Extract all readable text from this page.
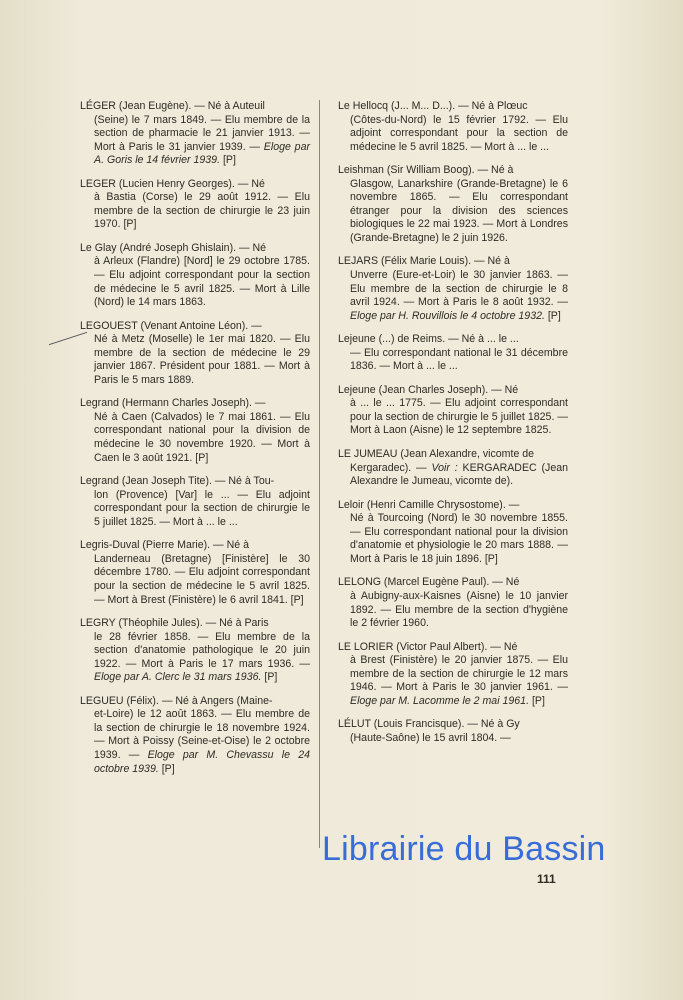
LÉGER (Jean Eugène). — Né à Auteuil
(Seine) le 7 mars 1849. — Elu membre de la section de pharmacie le 21 janvier 1913. — Mort à Paris le 31 janvier 1939. — Eloge par A. Goris le 14 février 1939. [P]

LEGER (Lucien Henry Georges). — Né
à Bastia (Corse) le 29 août 1912. — Elu membre de la section de chirurgie le 23 juin 1970. [P]

Le Glay (André Joseph Ghislain). — Né
à Arleux (Flandre) [Nord] le 29 octobre 1785. — Elu adjoint correspondant pour la section de médecine le 5 avril 1825. — Mort à Lille (Nord) le 14 mars 1863.

LEGOUEST (Venant Antoine Léon). —
Né à Metz (Moselle) le 1er mai 1820. — Elu membre de la section de médecine le 29 janvier 1867. Président pour 1881. — Mort à Paris le 5 mars 1889.

Legrand (Hermann Charles Joseph). —
Né à Caen (Calvados) le 7 mai 1861. — Elu correspondant national pour la division de médecine le 30 novembre 1920. — Mort à Caen le 3 août 1921. [P]

Legrand (Jean Joseph Tite). — Né à Tou-
lon (Provence) [Var] le ... — Elu adjoint correspondant pour la section de chirurgie le 5 juillet 1825. — Mort à ... le ...

Legris-Duval (Pierre Marie). — Né à
Landerneau (Bretagne) [Finistère] le 30 décembre 1780. — Elu adjoint correspondant pour la section de médecine le 5 avril 1825. — Mort à Brest (Finistère) le 6 avril 1841. [P]

LEGRY (Théophile Jules). — Né à Paris
le 28 février 1858. — Elu membre de la section d'anatomie pathologique le 20 juin 1922. — Mort à Paris le 17 mars 1936. — Eloge par A. Clerc le 31 mars 1936. [P]

LEGUEU (Félix). — Né à Angers (Maine-
et-Loire) le 12 août 1863. — Elu membre de la section de chirurgie le 18 novembre 1924. — Mort à Poissy (Seine-et-Oise) le 2 octobre 1939. — Eloge par M. Chevassu le 24 octobre 1939. [P]

Le Hellocq (J... M... D...). — Né à Plœuc
(Côtes-du-Nord) le 15 février 1792. — Elu adjoint correspondant pour la section de médecine le 5 avril 1825. — Mort à ... le ...

Leishman (Sir William Boog). — Né à
Glasgow, Lanarkshire (Grande-Bretagne) le 6 novembre 1865. — Elu correspondant étranger pour la division des sciences biologiques le 22 mai 1923. — Mort à Londres (Grande-Bretagne) le 2 juin 1926.

LEJARS (Félix Marie Louis). — Né à
Unverre (Eure-et-Loir) le 30 janvier 1863. — Elu membre de la section de chirurgie le 8 avril 1924. — Mort à Paris le 8 août 1932. — Eloge par H. Rouvillois le 4 octobre 1932. [P]

Lejeune (...) de Reims. — Né à ... le ...
— Elu correspondant national le 31 décembre 1836. — Mort à ... le ...

Lejeune (Jean Charles Joseph). — Né
à ... le ... 1775. — Elu adjoint correspondant pour la section de chirurgie le 5 juillet 1825. — Mort à Laon (Aisne) le 12 septembre 1825.

LE JUMEAU (Jean Alexandre, vicomte de
Kergaradec). — Voir : KERGARADEC (Jean Alexandre le Jumeau, vicomte de).

Leloir (Henri Camille Chrysostome). —
Né à Tourcoing (Nord) le 30 novembre 1855. — Elu correspondant national pour la division d'anatomie et physiologie le 20 mars 1888. — Mort à Paris le 18 juin 1896. [P]

LELONG (Marcel Eugène Paul). — Né
à Aubigny-aux-Kaisnes (Aisne) le 10 janvier 1892. — Elu membre de la section d'hygiène le 2 février 1960.

LE LORIER (Victor Paul Albert). — Né
à Brest (Finistère) le 20 janvier 1875. — Elu membre de la section de chirurgie le 12 mars 1946. — Mort à Paris le 30 janvier 1961. — Eloge par M. Lacomme le 2 mai 1961. [P]

LÉLUT (Louis Francisque). — Né à Gy
(Haute-Saône) le 15 avril 1804. —

Librairie du Bassin
111
